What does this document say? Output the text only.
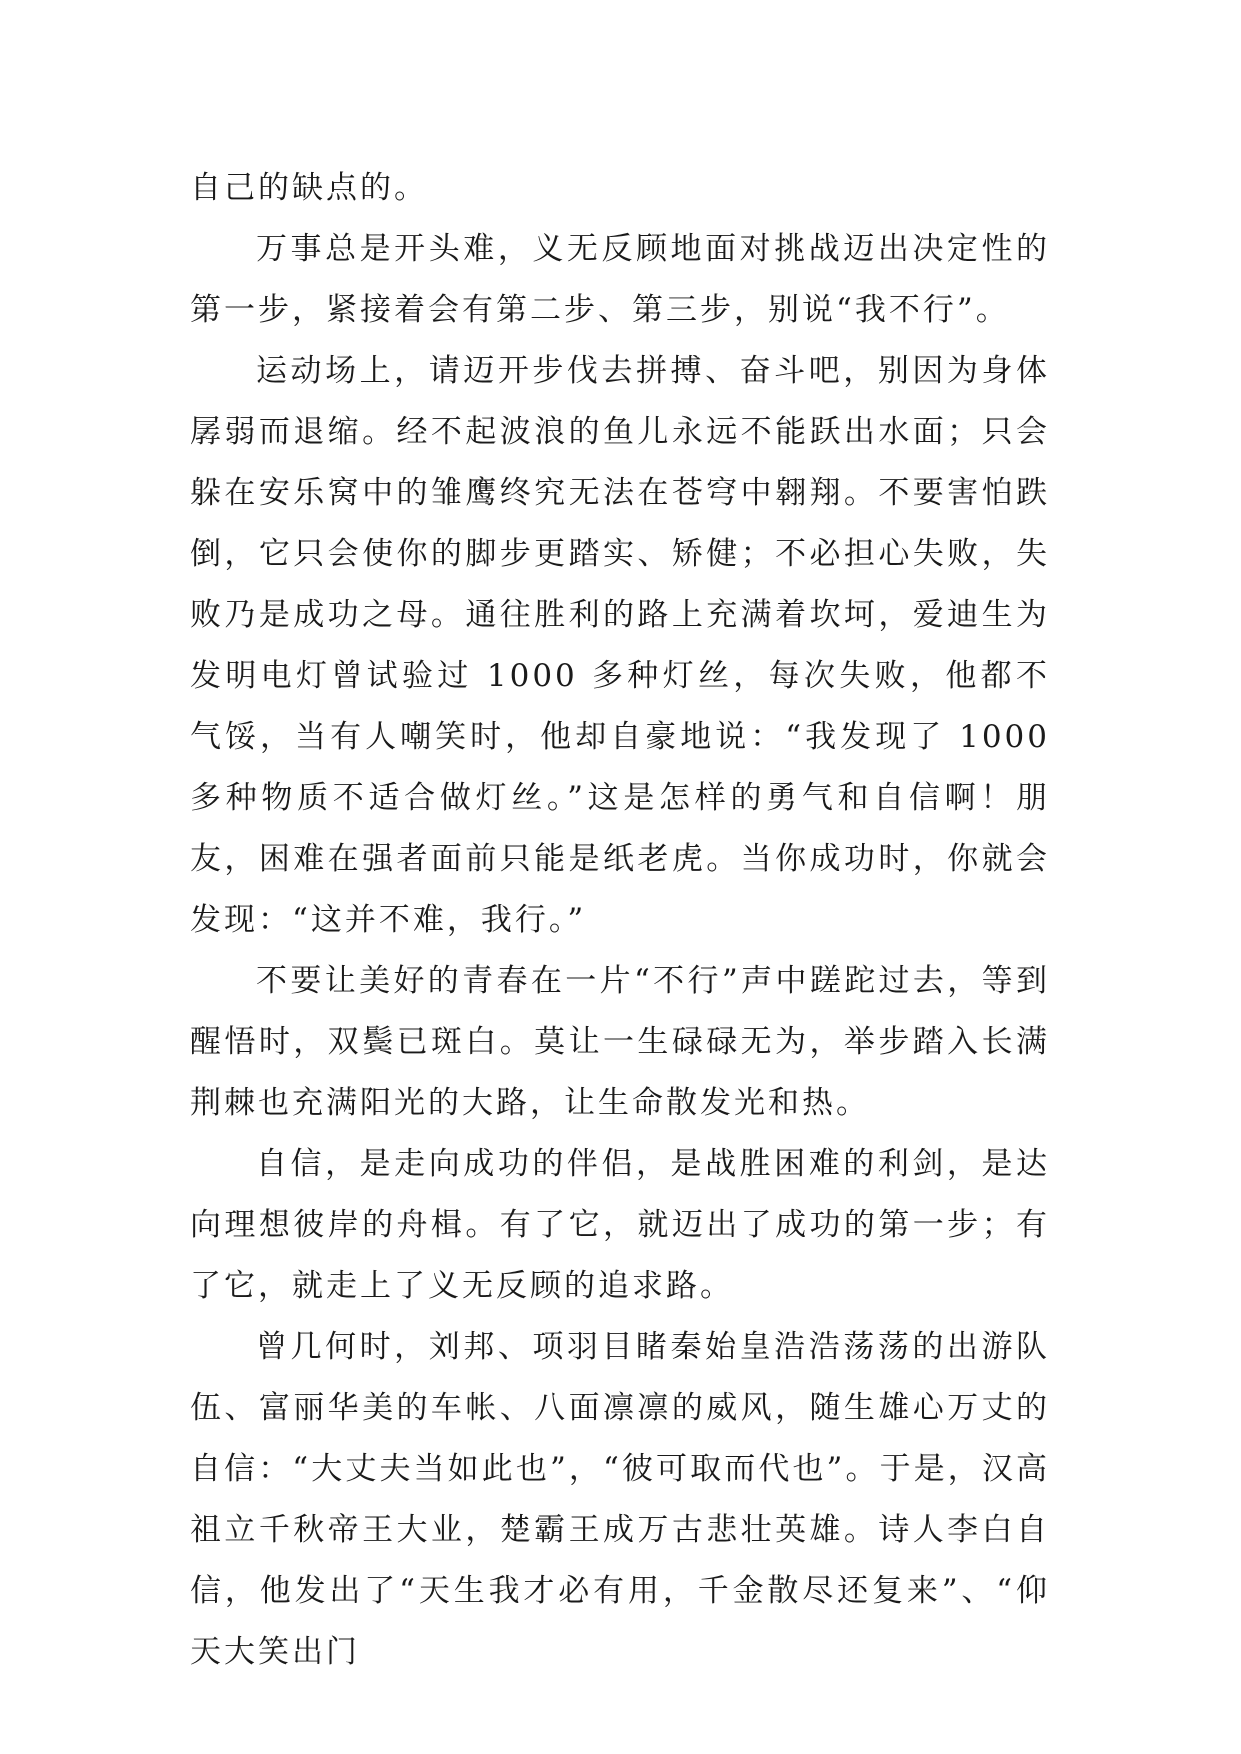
自己的缺点的。

万事总是开头难，义无反顾地面对挑战迈出决定性的第一步，紧接着会有第二步、第三步，别说“我不行”。

运动场上，请迈开步伐去拼搏、奋斗吧，别因为身体孱弱而退缩。经不起波浪的鱼儿永远不能跃出水面；只会躲在安乐窝中的雏鹰终究无法在苍穹中翱翔。不要害怕跌倒，它只会使你的脚步更踏实、矫健；不必担心失败，失败乃是成功之母。通往胜利的路上充满着坎坷，爱迪生为发明电灯曾试验过 1000 多种灯丝，每次失败，他都不气馁，当有人嘲笑时，他却自豪地说：“我发现了 1000 多种物质不适合做灯丝。”这是怎样的勇气和自信啊！朋友，困难在强者面前只能是纸老虎。当你成功时，你就会发现：“这并不难，我行。”

不要让美好的青春在一片“不行”声中蹉跎过去，等到醒悟时，双鬓已斑白。莫让一生碌碌无为，举步踏入长满荆棘也充满阳光的大路，让生命散发光和热。

自信，是走向成功的伴侣，是战胜困难的利剑，是达向理想彼岸的舟楫。有了它，就迈出了成功的第一步；有了它，就走上了义无反顾的追求路。

曾几何时，刘邦、项羽目睹秦始皇浩浩荡荡的出游队伍、富丽华美的车帐、八面凛凛的威风，随生雄心万丈的自信：“大丈夫当如此也”，“彼可取而代也”。于是，汉高祖立千秋帝王大业，楚霸王成万古悲壮英雄。诗人李白自信，他发出了“天生我才必有用，千金散尽还复来”、“仰天大笑出门
